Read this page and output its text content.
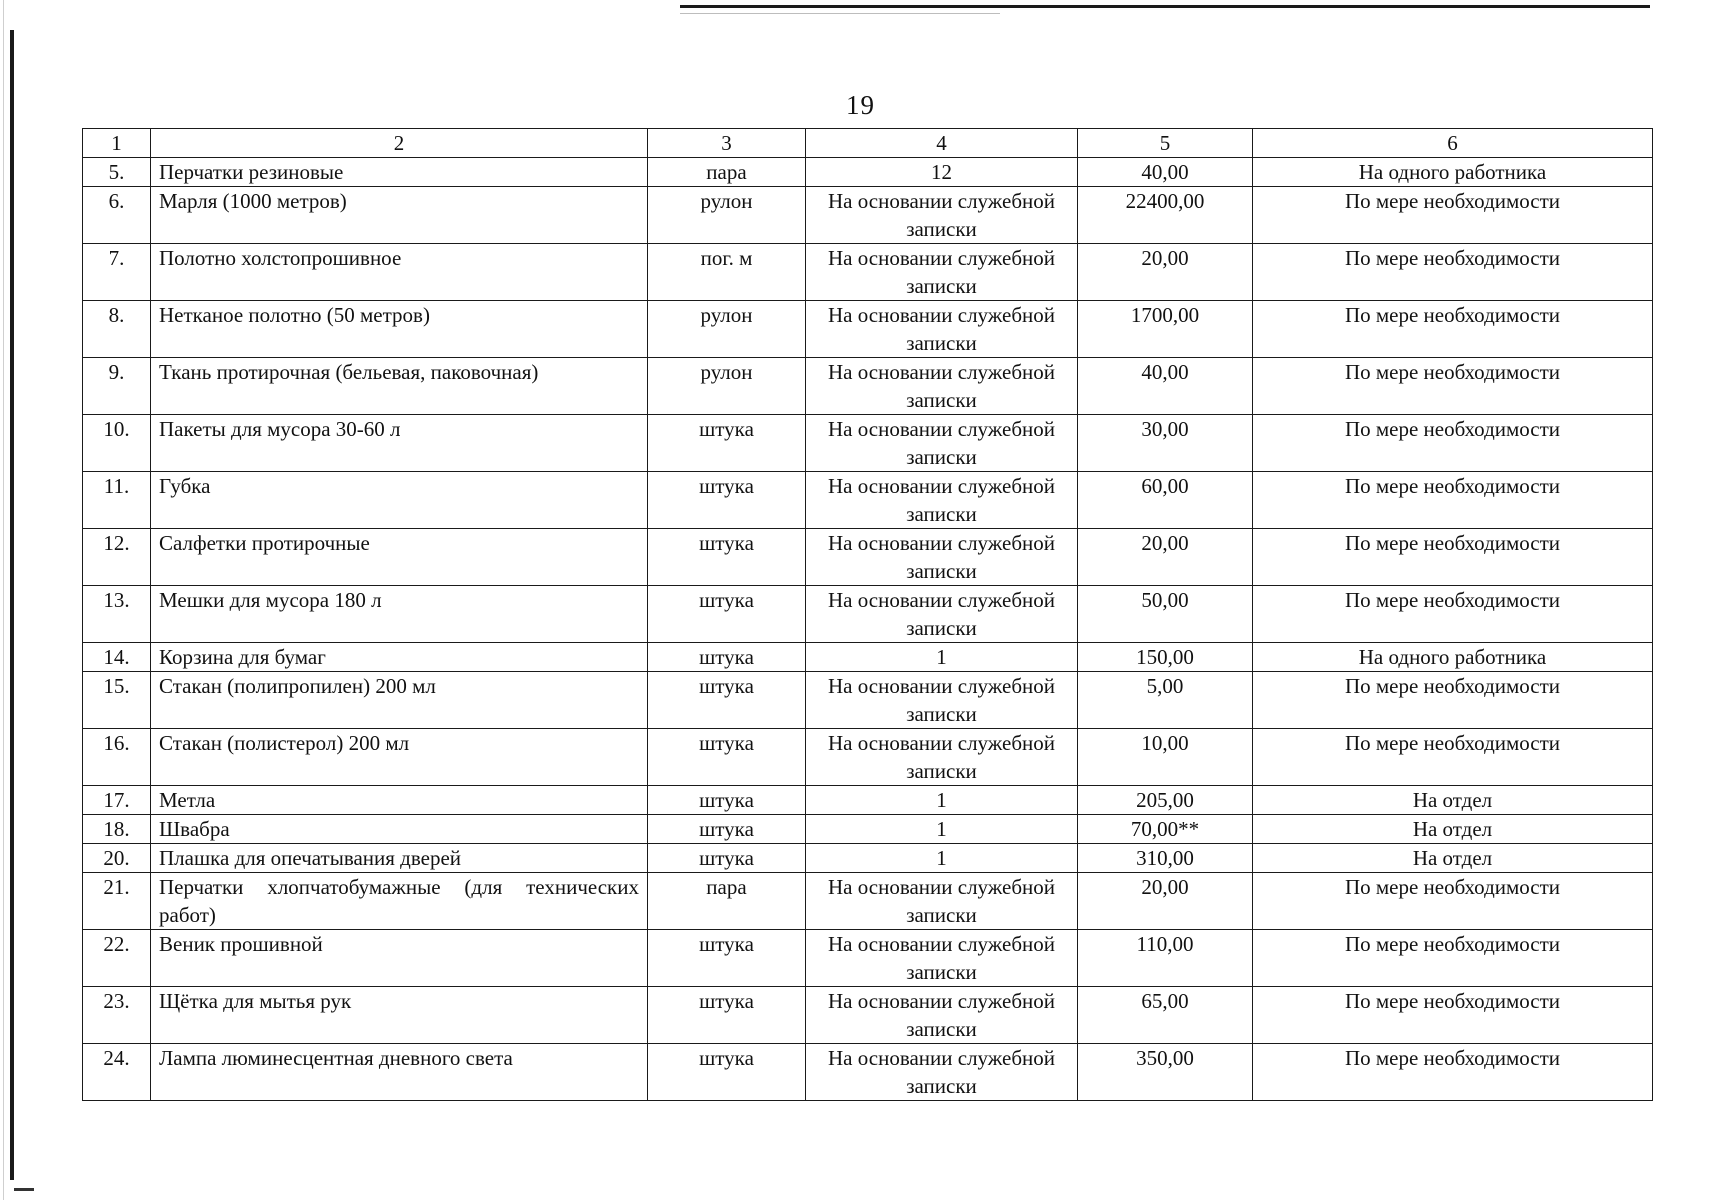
19
1	2	3	4	5	6
5.	Перчатки резиновые	пара	12	40,00	На одного работника
6.	Марля (1000 метров)	рулон	На основании служебной записки	22400,00	По мере необходимости
7.	Полотно холстопрошивное	пог. м	На основании служебной записки	20,00	По мере необходимости
8.	Нетканое полотно (50 метров)	рулон	На основании служебной записки	1700,00	По мере необходимости
9.	Ткань протирочная (бельевая, паковочная)	рулон	На основании служебной записки	40,00	По мере необходимости
10.	Пакеты для мусора 30-60 л	штука	На основании служебной записки	30,00	По мере необходимости
11.	Губка	штука	На основании служебной записки	60,00	По мере необходимости
12.	Салфетки протирочные	штука	На основании служебной записки	20,00	По мере необходимости
13.	Мешки для мусора 180 л	штука	На основании служебной записки	50,00	По мере необходимости
14.	Корзина для бумаг	штука	1	150,00	На одного работника
15.	Стакан (полипропилен) 200 мл	штука	На основании служебной записки	5,00	По мере необходимости
16.	Стакан (полистерол) 200 мл	штука	На основании служебной записки	10,00	По мере необходимости
17.	Метла	штука	1	205,00	На отдел
18.	Швабра	штука	1	70,00**	На отдел
20.	Плашка для опечатывания дверей	штука	1	310,00	На отдел
21.	Перчатки хлопчатобумажные (для технических работ)	пара	На основании служебной записки	20,00	По мере необходимости
22.	Веник прошивной	штука	На основании служебной записки	110,00	По мере необходимости
23.	Щётка для мытья рук	штука	На основании служебной записки	65,00	По мере необходимости
24.	Лампа люминесцентная дневного света	штука	На основании служебной записки	350,00	По мере необходимости
